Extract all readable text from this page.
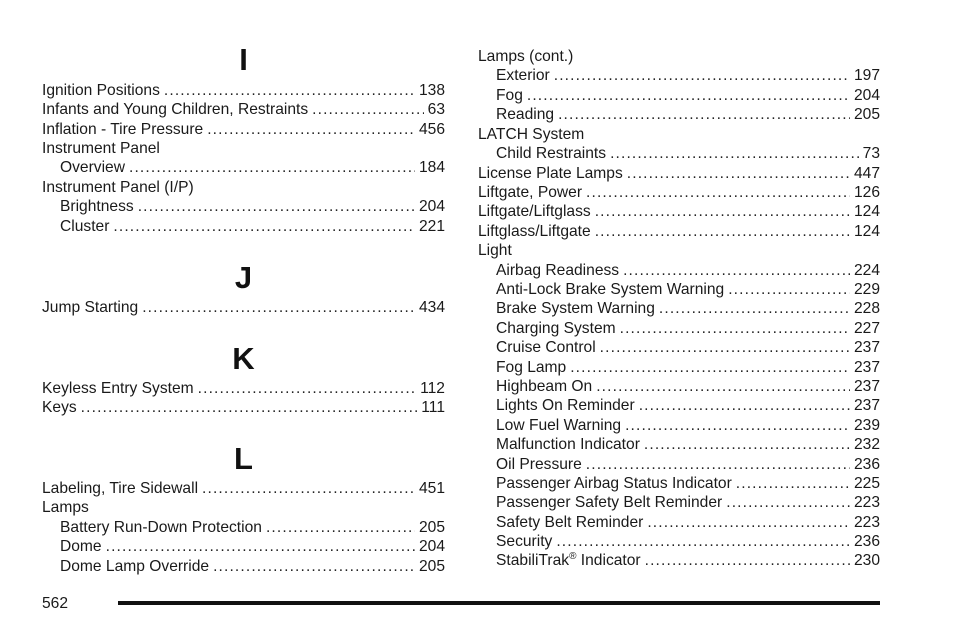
I
Ignition Positions . . .	138
Infants and Young Children, Restraints . . .	63
Inflation - Tire Pressure . . .	456
Instrument Panel
Overview . . .	184
Instrument Panel (I/P)
Brightness . . .	204
Cluster . . .	221
J
Jump Starting . . .	434
K
Keyless Entry System . . .	112
Keys . . .	111
L
Labeling, Tire Sidewall . . .	451
Lamps
Battery Run-Down Protection . . .	205
Dome . . .	204
Dome Lamp Override . . .	205
Lamps (cont.)
Exterior . . .	197
Fog . . .	204
Reading . . .	205
LATCH System
Child Restraints . . .	73
License Plate Lamps . . .	447
Liftgate, Power . . .	126
Liftgate/Liftglass . . .	124
Liftglass/Liftgate . . .	124
Light
Airbag Readiness . . .	224
Anti-Lock Brake System Warning . . .	229
Brake System Warning . . .	228
Charging System . . .	227
Cruise Control . . .	237
Fog Lamp . . .	237
Highbeam On . . .	237
Lights On Reminder . . .	237
Low Fuel Warning . . .	239
Malfunction Indicator . . .	232
Oil Pressure . . .	236
Passenger Airbag Status Indicator . . .	225
Passenger Safety Belt Reminder . . .	223
Safety Belt Reminder . . .	223
Security . . .	236
StabiliTrak® Indicator . . .	230
562
